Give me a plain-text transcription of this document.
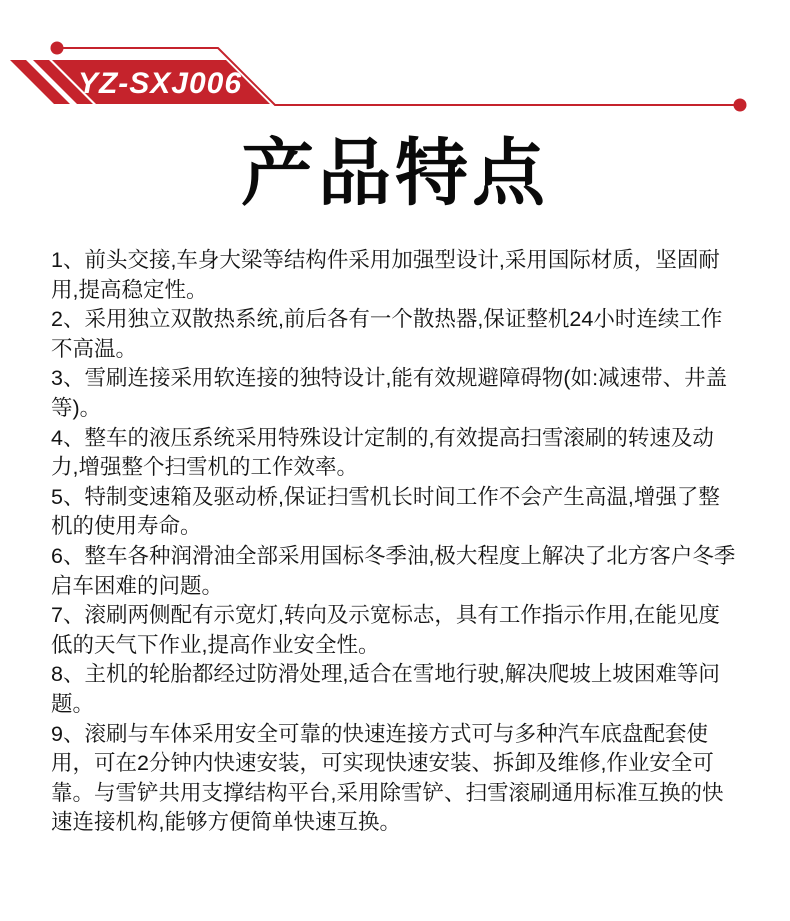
YZ-SXJ006
产品特点

1、前头交接,车身大梁等结构件采用加强型设计,采用国际材质，坚固耐用,提高稳定性。

2、采用独立双散热系统,前后各有一个散热器,保证整机24小时连续工作不高温。

3、雪刷连接采用软连接的独特设计,能有效规避障碍物(如:减速带、井盖等)。

4、整车的液压系统采用特殊设计定制的,有效提高扫雪滚刷的转速及动力,增强整个扫雪机的工作效率。

5、特制变速箱及驱动桥,保证扫雪机长时间工作不会产生高温,增强了整机的使用寿命。

6、整车各种润滑油全部采用国标冬季油,极大程度上解决了北方客户冬季启车困难的问题。

7、滚刷两侧配有示宽灯,转向及示宽标志，具有工作指示作用,在能见度低的天气下作业,提高作业安全性。

8、主机的轮胎都经过防滑处理,适合在雪地行驶,解决爬坡上坡困难等问题。

9、滚刷与车体采用安全可靠的快速连接方式可与多种汽车底盘配套使用，可在2分钟内快速安装，可实现快速安装、拆卸及维修,作业安全可靠。与雪铲共用支撑结构平台,采用除雪铲、扫雪滚刷通用标准互换的快速连接机构,能够方便简单快速互换。
